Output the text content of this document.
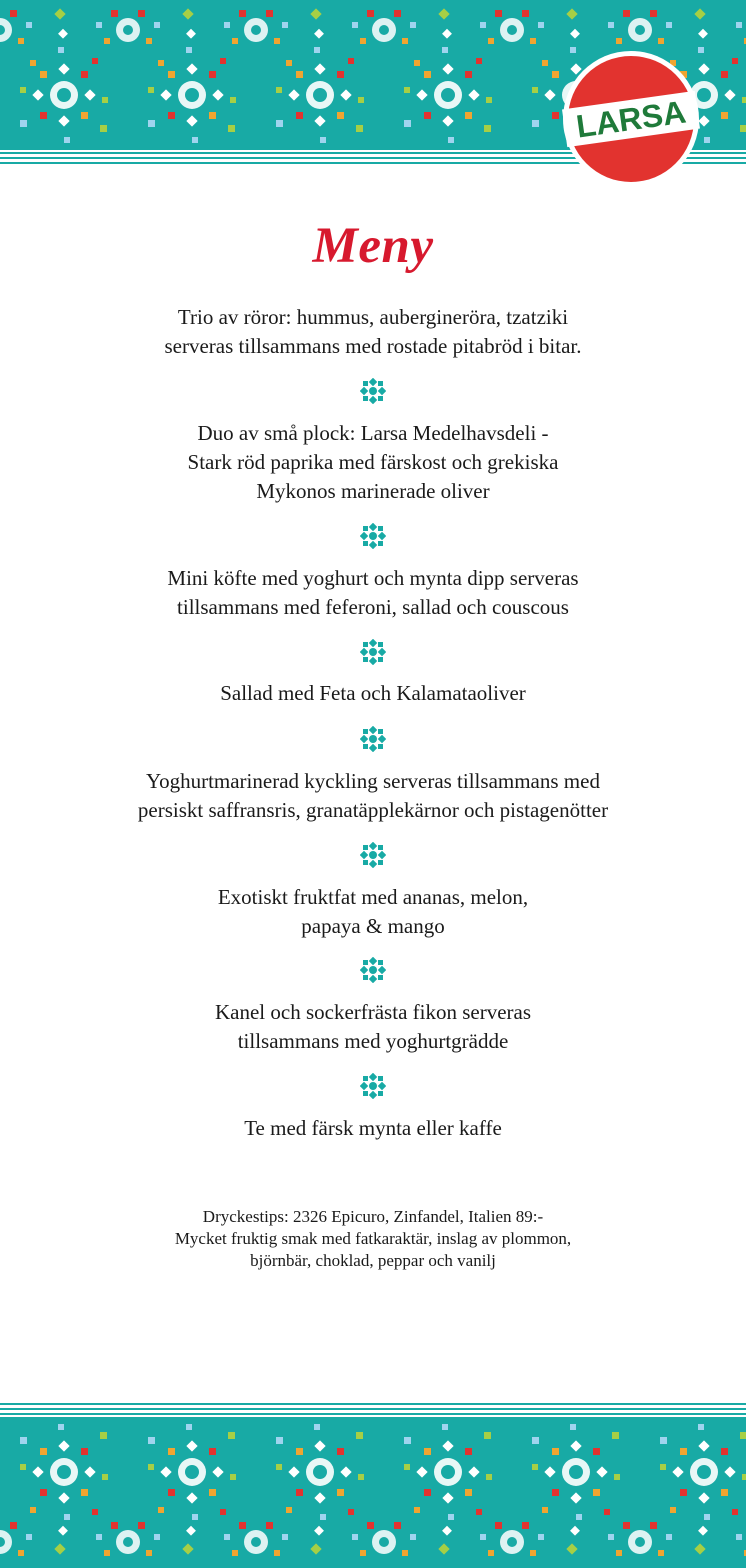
LARSA
Meny
Trio av röror: hummus, auberginеröra, tzatziki
serveras tillsammans med rostade pitabröd i bitar.
Duo av små plock: Larsa Medelhavsdeli -
Stark röd paprika med färskost och grekiska
Mykonos marinerade oliver
Mini köfte med yoghurt och mynta dipp serveras
tillsammans med feferoni, sallad och couscous
Sallad med Feta och Kalamataoliver
Yoghurtmarinerad kyckling serveras tillsammans med
persiskt saffransris, granatäpplekärnor och pistagenötter
Exotiskt fruktfat med ananas, melon,
papaya & mango
Kanel och sockerfrästa fikon serveras
tillsammans med yoghurtgrädde
Te med färsk mynta eller kaffe
Dryckestips: 2326 Epicuro, Zinfandel, Italien 89:-
Mycket fruktig smak med fatkaraktär, inslag av plommon,
björnbär, choklad, peppar och vanilj
